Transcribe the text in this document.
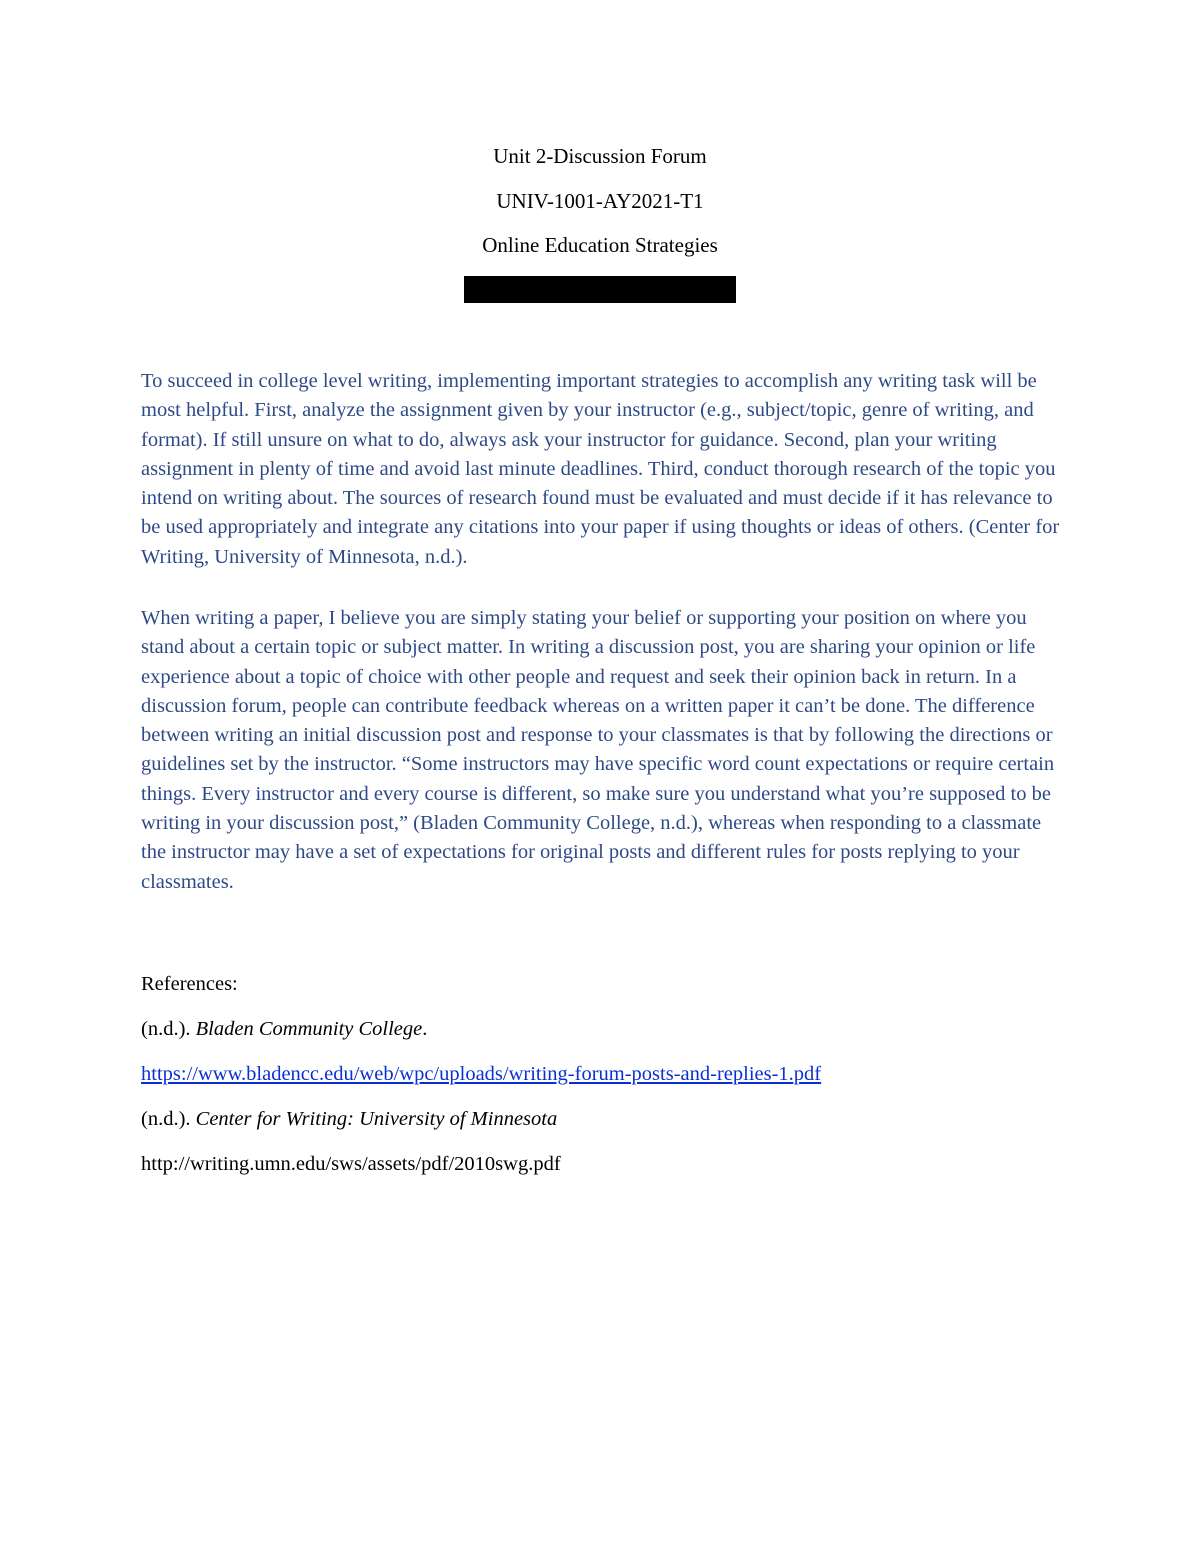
Unit 2-Discussion Forum
UNIV-1001-AY2021-T1
Online Education Strategies

To succeed in college level writing, implementing important strategies to accomplish any writing task will be most helpful. First, analyze the assignment given by your instructor (e.g., subject/topic, genre of writing, and format). If still unsure on what to do, always ask your instructor for guidance. Second, plan your writing assignment in plenty of time and avoid last minute deadlines. Third, conduct thorough research of the topic you intend on writing about. The sources of research found must be evaluated and must decide if it has relevance to be used appropriately and integrate any citations into your paper if using thoughts or ideas of others. (Center for Writing, University of Minnesota, n.d.).

When writing a paper, I believe you are simply stating your belief or supporting your position on where you stand about a certain topic or subject matter. In writing a discussion post, you are sharing your opinion or life experience about a topic of choice with other people and request and seek their opinion back in return. In a discussion forum, people can contribute feedback whereas on a written paper it can’t be done. The difference between writing an initial discussion post and response to your classmates is that by following the directions or guidelines set by the instructor. “Some instructors may have specific word count expectations or require certain things. Every instructor and every course is different, so make sure you understand what you’re supposed to be writing in your discussion post,” (Bladen Community College, n.d.), whereas when responding to a classmate the instructor may have a set of expectations for original posts and different rules for posts replying to your classmates.

References:
(n.d.). Bladen Community College.
https://www.bladencc.edu/web/wpc/uploads/writing-forum-posts-and-replies-1.pdf
(n.d.). Center for Writing: University of Minnesota
http://writing.umn.edu/sws/assets/pdf/2010swg.pdf
